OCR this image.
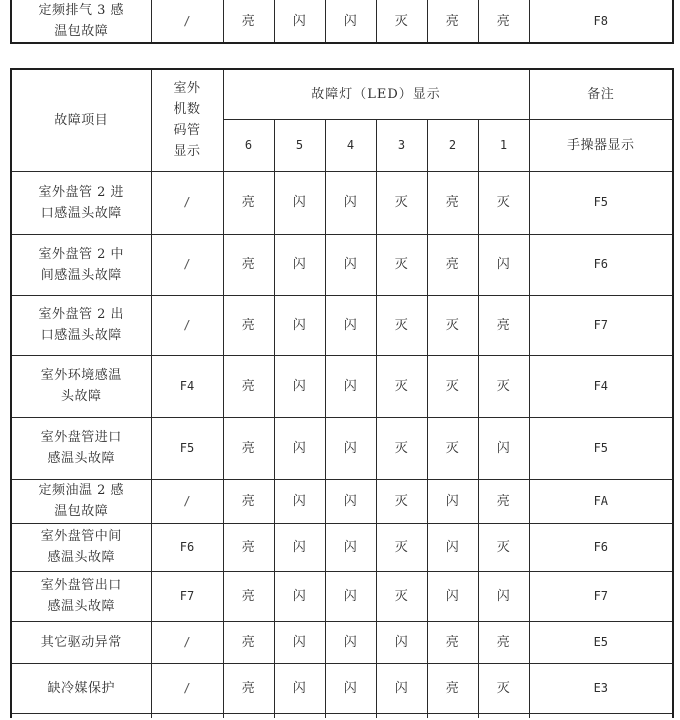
定频排气 3 感
温包故障
	/	亮	闪	闪	灭	亮	亮	F8
故障项目	室外
机数
码管
显示	故障灯（LED）显示						备注
		6	5	4	3	2	1	手操器显示

室外盘管 2 进
口感温头故障	/	亮	闪	闪	灭	亮	灭	F5

室外盘管 2 中
间感温头故障	/	亮	闪	闪	灭	亮	闪	F6

室外盘管 2 出
口感温头故障	/	亮	闪	闪	灭	灭	亮	F7

室外环境感温
头故障	F4	亮	闪	闪	灭	灭	灭	F4

室外盘管进口
感温头故障	F5	亮	闪	闪	灭	灭	闪	F5

定频油温 2 感
温包故障	/	亮	闪	闪	灭	闪	亮	FA

室外盘管中间
感温头故障	F6	亮	闪	闪	灭	闪	灭	F6

室外盘管出口
感温头故障	F7	亮	闪	闪	灭	闪	闪	F7

其它驱动异常	/	亮	闪	闪	闪	亮	亮	E5

缺冷媒保护	/	亮	闪	闪	闪	亮	灭	E3
